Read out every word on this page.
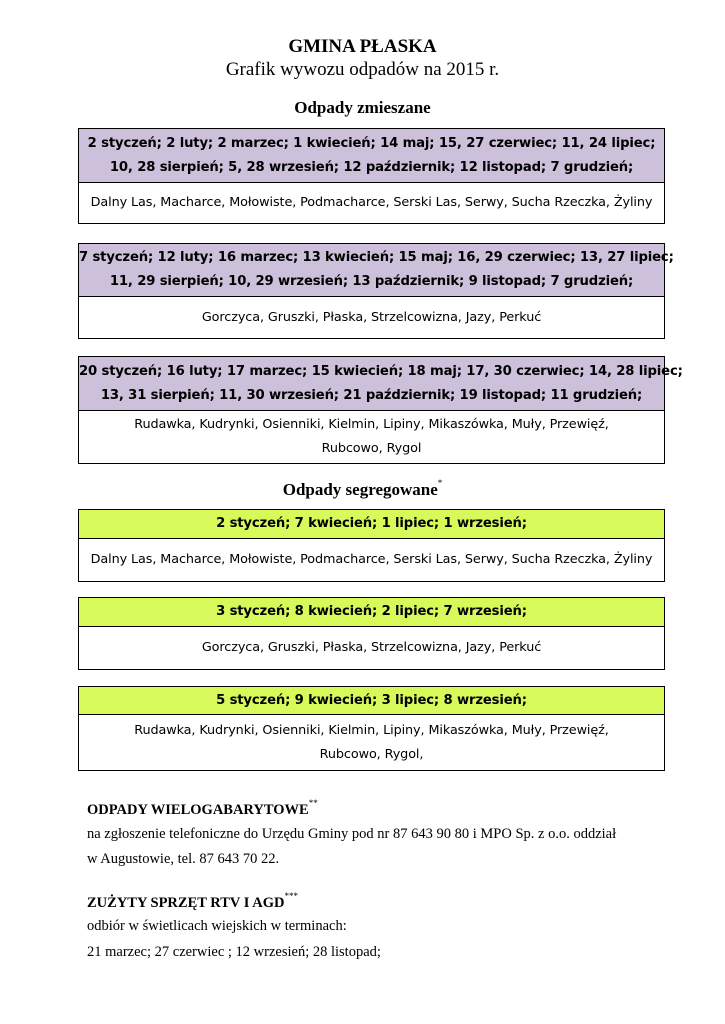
GMINA PŁASKA
Grafik wywozu odpadów na 2015 r.
Odpady zmieszane
2 styczeń; 2 luty; 2 marzec; 1 kwiecień; 14 maj; 15, 27 czerwiec; 11, 24 lipiec;
10, 28 sierpień; 5, 28 wrzesień; 12 październik; 12 listopad; 7 grudzień;
Dalny Las, Macharce, Mołowiste, Podmacharce, Serski Las, Serwy, Sucha Rzeczka, Żyliny
7 styczeń; 12 luty; 16 marzec; 13 kwiecień; 15 maj; 16, 29 czerwiec; 13, 27 lipiec;
11, 29 sierpień; 10, 29 wrzesień; 13 październik; 9 listopad; 7 grudzień;
Gorczyca, Gruszki, Płaska, Strzelcowizna, Jazy, Perkuć
20 styczeń; 16 luty; 17 marzec; 15 kwiecień; 18 maj; 17, 30 czerwiec; 14, 28 lipiec;
13, 31 sierpień; 11, 30 wrzesień; 21 październik; 19 listopad; 11 grudzień;
Rudawka, Kudrynki, Osienniki, Kielmin, Lipiny, Mikaszówka, Muły, Przewięź,
Rubcowo, Rygol
Odpady segregowane*
2 styczeń; 7 kwiecień; 1 lipiec; 1 wrzesień;
Dalny Las, Macharce, Mołowiste, Podmacharce, Serski Las, Serwy, Sucha Rzeczka, Żyliny
3 styczeń; 8 kwiecień; 2 lipiec; 7 wrzesień;
Gorczyca, Gruszki, Płaska, Strzelcowizna, Jazy, Perkuć
5 styczeń; 9 kwiecień; 3 lipiec; 8 wrzesień;
Rudawka, Kudrynki, Osienniki, Kielmin, Lipiny, Mikaszówka, Muły, Przewięź,
Rubcowo, Rygol,
ODPADY WIELOGABARYTOWE**
na zgłoszenie telefoniczne do Urzędu Gminy pod nr 87 643 90 80 i MPO Sp. z o.o. oddział
w Augustowie, tel. 87 643 70 22.
ZUŻYTY SPRZĘT RTV I AGD***
odbiór w świetlicach wiejskich w terminach:
21 marzec; 27 czerwiec ; 12 wrzesień; 28 listopad;
